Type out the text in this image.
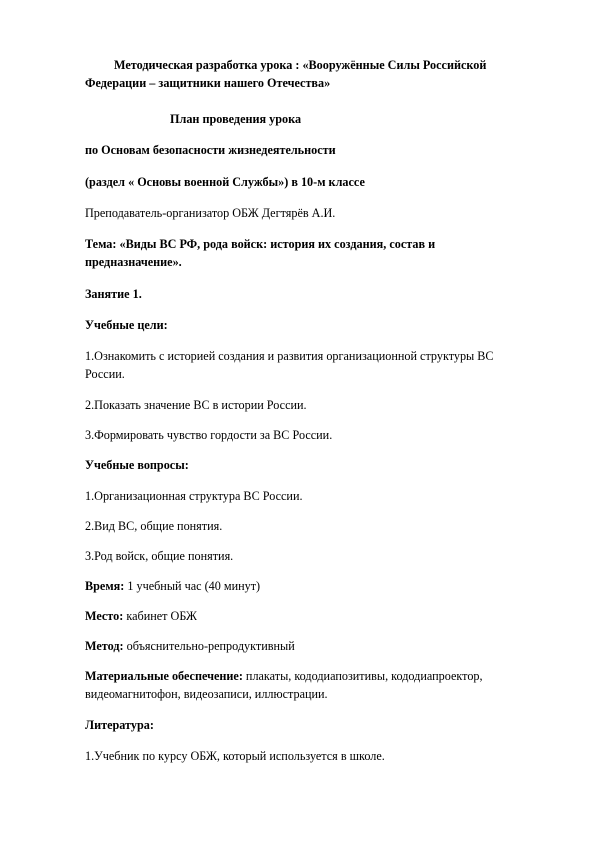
Методическая разработка урока : «Вооружённые Силы Российской
Федерации – защитники нашего Отечества»

План проведения урока

по Основам безопасности жизнедеятельности

(раздел « Основы военной Службы») в 10-м классе

Преподаватель-организатор ОБЖ Дегтярёв А.И.

Тема: «Виды ВС РФ, рода войск: история их создания, состав и
предназначение».

Занятие 1.

Учебные цели:

1.Ознакомить с историей создания и развития организационной структуры ВС
России.

2.Показать значение ВС в истории России.

3.Формировать чувство гордости за ВС России.

Учебные вопросы:

1.Организационная структура ВС России.

2.Вид ВС, общие понятия.

3.Род войск, общие понятия.

Время: 1 учебный час (40 минут)

Место: кабинет ОБЖ

Метод: объяснительно-репродуктивный

Материальные обеспечение: плакаты, кододиапозитивы, кододиапроектор,
видеомагнитофон, видеозаписи, иллюстрации.

Литература:

1.Учебник по курсу ОБЖ, который используется в школе.
